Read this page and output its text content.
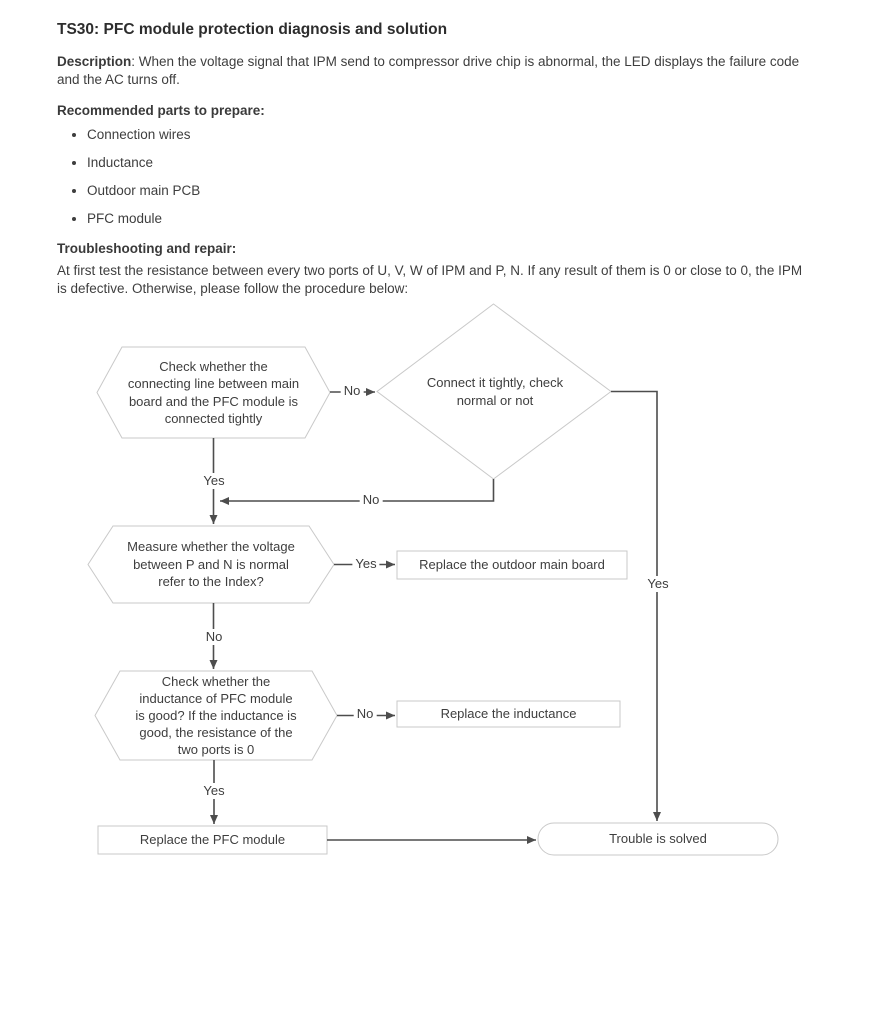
TS30: PFC module protection diagnosis and solution

Description: When the voltage signal that IPM send to compressor drive chip is abnormal, the LED displays the failure code and the AC turns off.

Recommended parts to prepare:

• Connection wires
• Inductance
• Outdoor main PCB
• PFC module

Troubleshooting and repair:

At first test the resistance between every two ports of U, V, W of IPM and P, N. If any result of them is 0 or close to 0, the IPM is defective. Otherwise, please follow the procedure below:

Check whether the connecting line between main board and the PFC module is connected tightly
Connect it tightly, check normal or not
Measure whether the voltage between P and N is normal refer to the Index?
Replace the outdoor main board
Check whether the inductance of PFC module is good? If the inductance is good, the resistance of the two ports is 0
Replace the inductance
Replace the PFC module	Trouble is solved
No
Yes
No
Yes
Yes
No
No
Yes
